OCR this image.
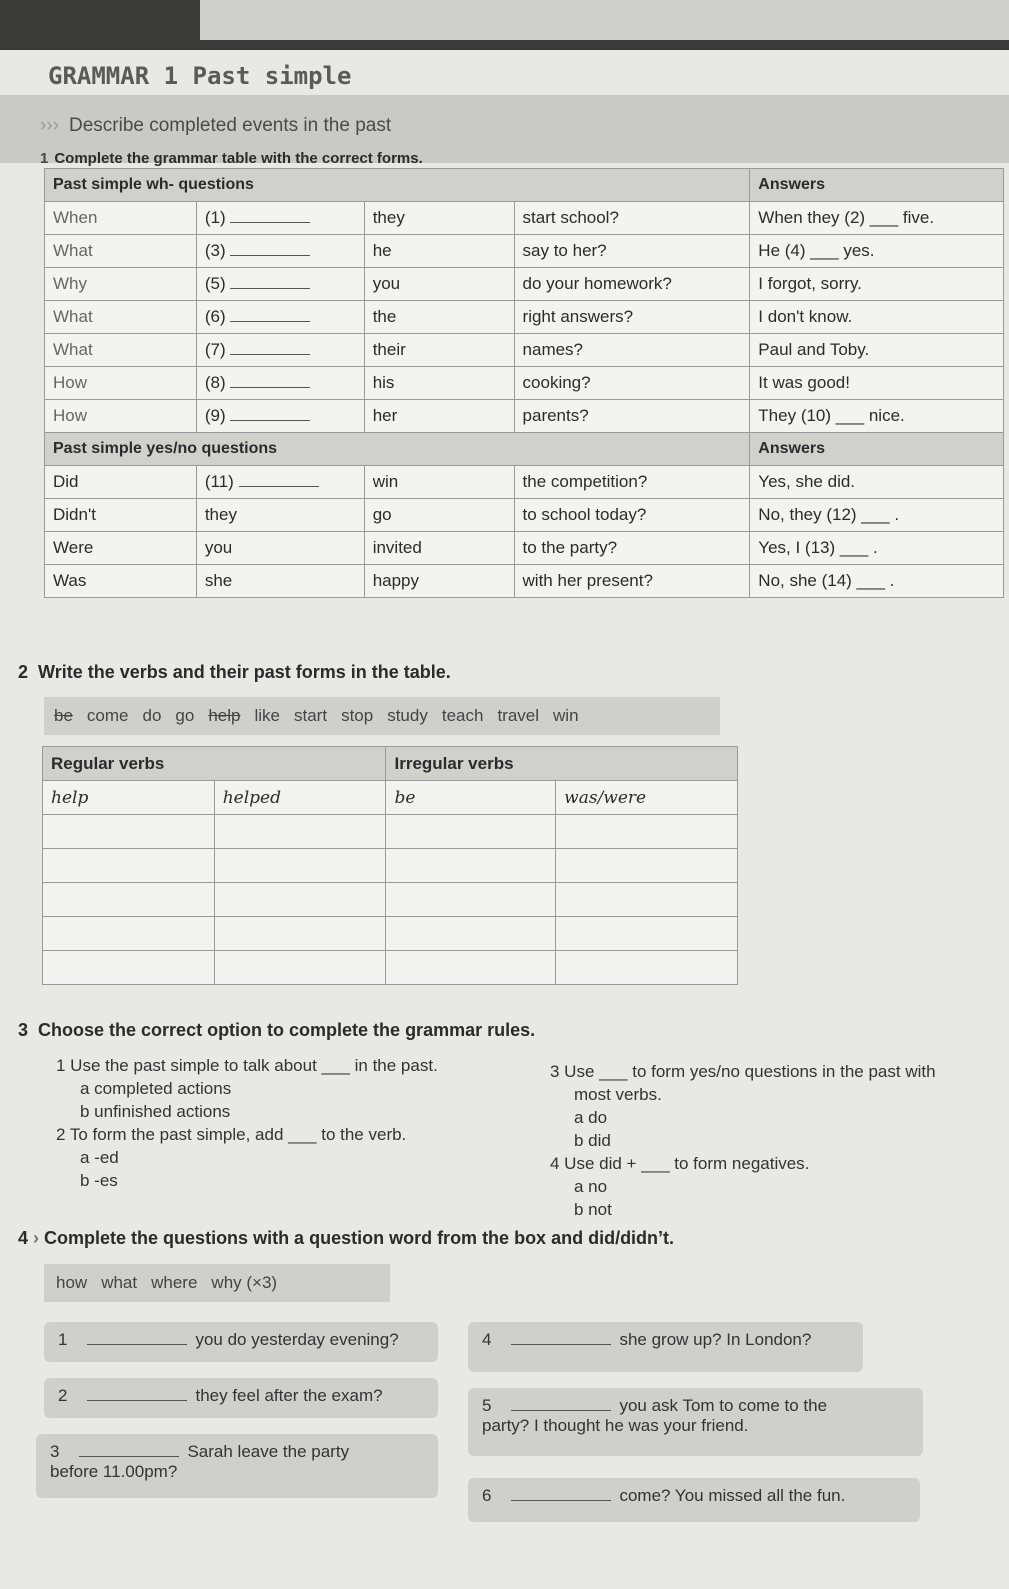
GRAMMAR 1 Past simple
››› Describe completed events in the past
1 Complete the grammar table with the correct forms.
Past simple wh- questions				Answers
When	(1)	they	start school?	When they (2) ___ five.
What	(3)	he	say to her?	He (4) ___ yes.
Why	(5)	you	do your homework?	I forgot, sorry.
What	(6)	the	right answers?	I don't know.
What	(7)	their	names?	Paul and Toby.
How	(8)	his	cooking?	It was good!
How	(9)	her	parents?	They (10) ___ nice.
Past simple yes/no questions				Answers
Did	(11)	win	the competition?	Yes, she did.
Didn't	they	go	to school today?	No, they (12) ___ .
Were	you	invited	to the party?	Yes, I (13) ___ .
Was	she	happy	with her present?	No, she (14) ___ .
2 Write the verbs and their past forms in the table.
be come do go help like start stop study teach travel win
Regular verbs		Irregular verbs	
help	helped	be	was/were

3 Choose the correct option to complete the grammar rules.
1 Use the past simple to talk about ___ in the past.
a completed actions
b unfinished actions
2 To form the past simple, add ___ to the verb.
a -ed
b -es
3 Use ___ to form yes/no questions in the past with
most verbs.
a do
b did
4 Use did + ___ to form negatives.
a no
b not
4 › Complete the questions with a question word from the box and did/didn’t.
how what where why (×3)
1	you do yesterday evening?
2	they feel after the exam?
3	Sarah leave the party
before 11.00pm?
4	she grow up? In London?
5	you ask Tom to come to the
party? I thought he was your friend.
6	come? You missed all the fun.
